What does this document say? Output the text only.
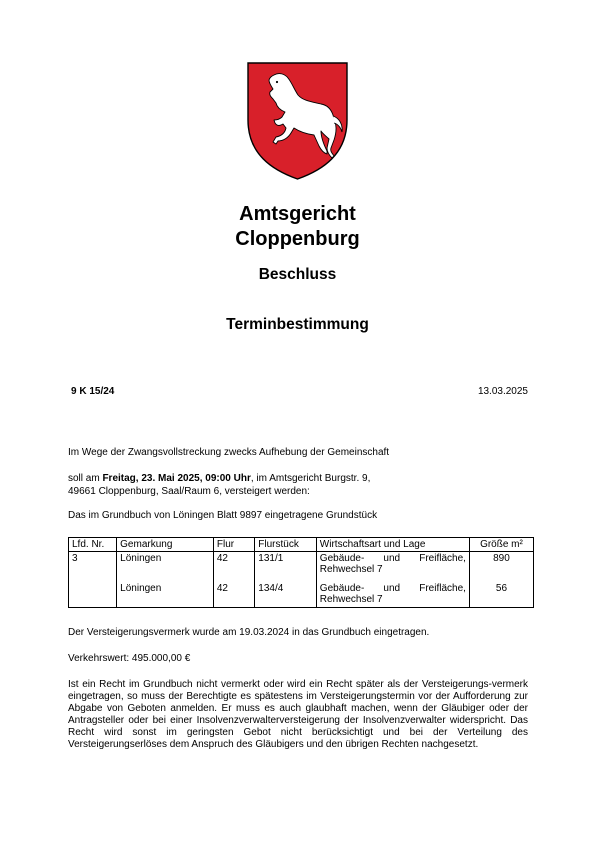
Amtsgericht
Cloppenburg
Beschluss
Terminbestimmung
9 K 15/24	13.03.2025
Im Wege der Zwangsvollstreckung zwecks Aufhebung der Gemeinschaft
soll am Freitag, 23. Mai 2025, 09:00 Uhr, im Amtsgericht Burgstr. 9,
49661 Cloppenburg, Saal/Raum 6, versteigert werden:
Das im Grundbuch von Löningen Blatt 9897 eingetragene Grundstück
Lfd. Nr.	Gemarkung	Flur	Flurstück	Wirtschaftsart und Lage	Größe m²
3	Löningen	42	131/1	Gebäude- und Freifläche,
Rehwechsel 7	890
	Löningen	42	134/4	Gebäude- und Freifläche,
Rehwechsel 7	56
Der Versteigerungsvermerk wurde am 19.03.2024 in das Grundbuch eingetragen.
Verkehrswert: 495.000,00 €
Ist ein Recht im Grundbuch nicht vermerkt oder wird ein Recht später als der Versteigerungs-vermerk eingetragen, so muss der Berechtigte es spätestens im Versteigerungstermin vor der Aufforderung zur Abgabe von Geboten anmelden. Er muss es auch glaubhaft machen, wenn der Gläubiger oder der Antragsteller oder bei einer Insolvenzverwalterversteigerung der Insolvenzverwalter widerspricht. Das Recht wird sonst im geringsten Gebot nicht berücksichtigt und bei der Verteilung des Versteigerungserlöses dem Anspruch des Gläubigers und den übrigen Rechten nachgesetzt.
